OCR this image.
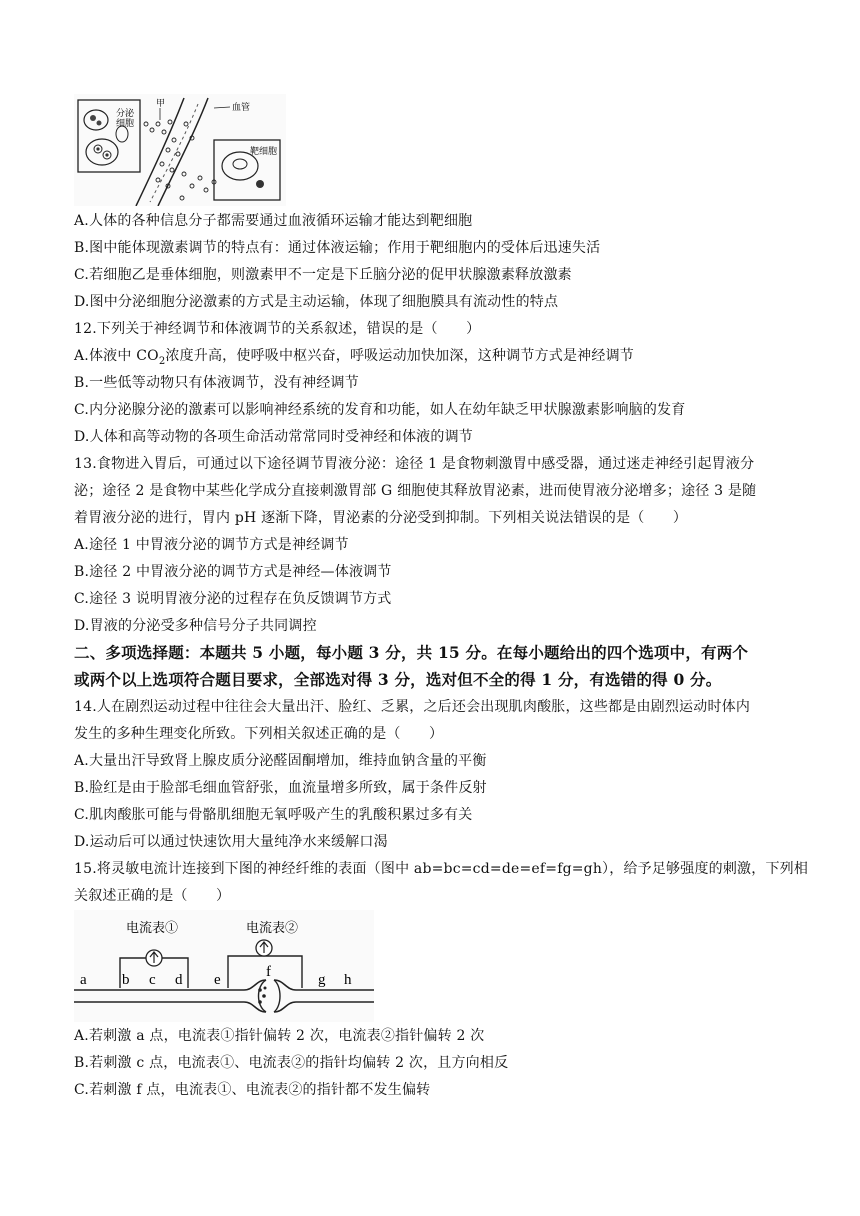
分泌
细胞
血管
甲
靶细胞
A.人体的各种信息分子都需要通过血液循环运输才能达到靶细胞
B.图中能体现激素调节的特点有：通过体液运输；作用于靶细胞内的受体后迅速失活
C.若细胞乙是垂体细胞，则激素甲不一定是下丘脑分泌的促甲状腺激素释放激素
D.图中分泌细胞分泌激素的方式是主动运输，体现了细胞膜具有流动性的特点
12.下列关于神经调节和体液调节的关系叙述，错误的是（　　）
A.体液中 $CO_2$浓度升高，使呼吸中枢兴奋，呼吸运动加快加深，这种调节方式是神经调节
B.一些低等动物只有体液调节，没有神经调节
C.内分泌腺分泌的激素可以影响神经系统的发育和功能，如人在幼年缺乏甲状腺激素影响脑的发育
D.人体和高等动物的各项生命活动常常同时受神经和体液的调节
13.食物进入胃后，可通过以下途径调节胃液分泌：途径 1 是食物刺激胃中感受器，通过迷走神经引起胃液分
泌；途径 2 是食物中某些化学成分直接刺激胃部 G 细胞使其释放胃泌素，进而使胃液分泌增多；途径 3 是随
着胃液分泌的进行，胃内 pH 逐渐下降，胃泌素的分泌受到抑制。下列相关说法错误的是（　　）
A.途径 1 中胃液分泌的调节方式是神经调节
B.途径 2 中胃液分泌的调节方式是神经—体液调节
C.途径 3 说明胃液分泌的过程存在负反馈调节方式
D.胃液的分泌受多种信号分子共同调控
二、多项选择题：本题共 5 小题，每小题 3 分，共 15 分。在每小题给出的四个选项中，有两个
或两个以上选项符合题目要求，全部选对得 3 分，选对但不全的得 1 分，有选错的得 0 分。
14.人在剧烈运动过程中往往会大量出汗、脸红、乏累，之后还会出现肌肉酸胀，这些都是由剧烈运动时体内
发生的多种生理变化所致。下列相关叙述正确的是（　　）
A.大量出汗导致肾上腺皮质分泌醛固酮增加，维持血钠含量的平衡
B.脸红是由于脸部毛细血管舒张，血流量增多所致，属于条件反射
C.肌肉酸胀可能与骨骼肌细胞无氧呼吸产生的乳酸积累过多有关
D.运动后可以通过快速饮用大量纯净水来缓解口渴
15.将灵敏电流计连接到下图的神经纤维的表面（图中 ab=bc=cd=de=ef=fg=gh），给予足够强度的刺激，下列相
关叙述正确的是（　　）
电流表①	电流表②
a b c d e	f	g h
A.若刺激 a 点，电流表①指针偏转 2 次，电流表②指针偏转 2 次
B.若刺激 c 点，电流表①、电流表②的指针均偏转 2 次，且方向相反
C.若刺激 f 点，电流表①、电流表②的指针都不发生偏转
